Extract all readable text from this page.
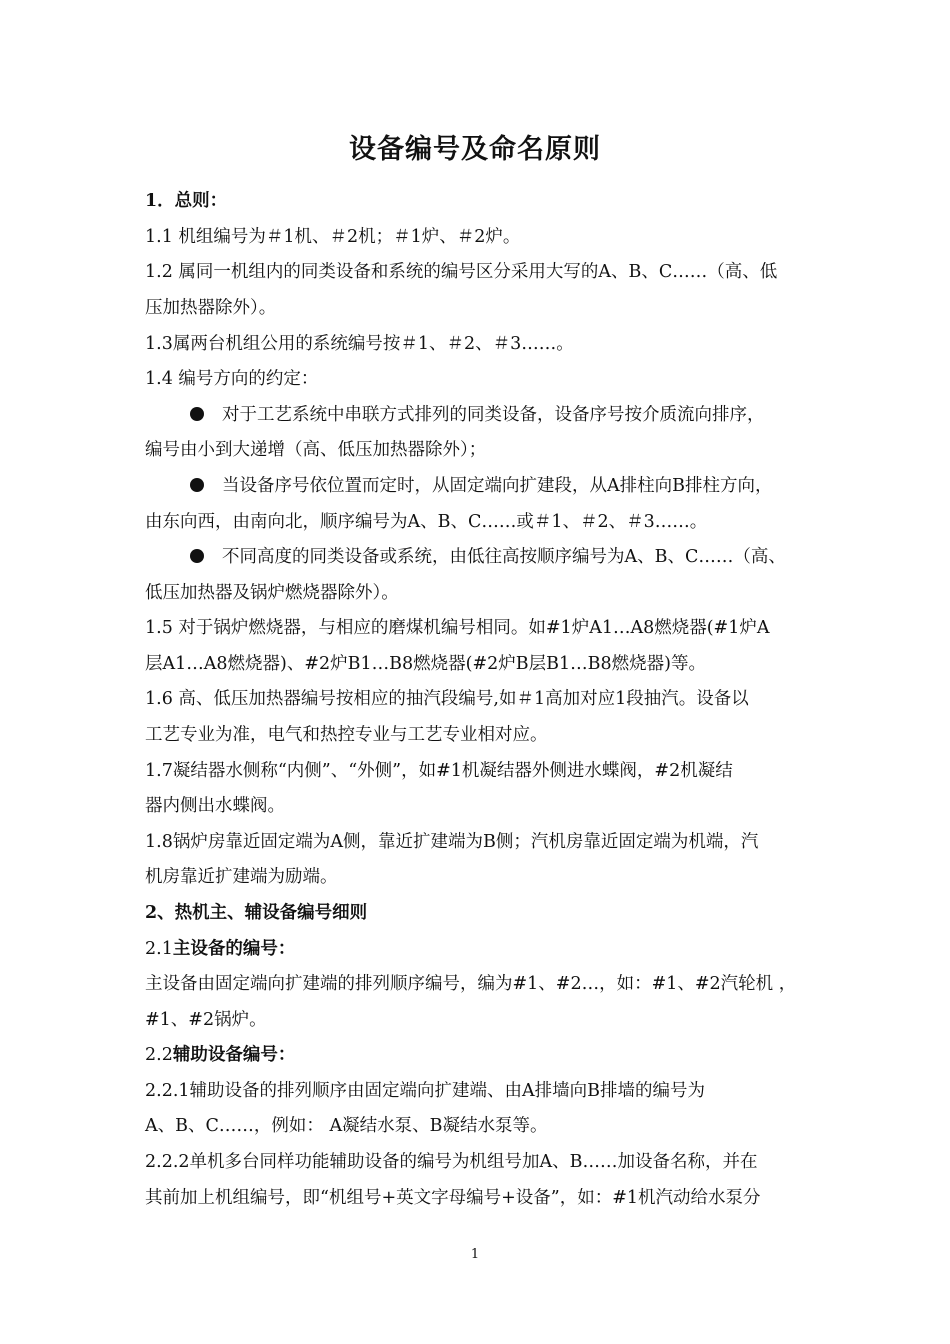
设备编号及命名原则
1．总则：
1.1 机组编号为＃1机、＃2机；＃1炉、＃2炉。
1.2 属同一机组内的同类设备和系统的编号区分采用大写的A、B、C……（高、低
压加热器除外）。
1.3属两台机组公用的系统编号按＃1、＃2、＃3……。
1.4 编号方向的约定：
对于工艺系统中串联方式排列的同类设备，设备序号按介质流向排序，
编号由小到大递增（高、低压加热器除外）；
当设备序号依位置而定时，从固定端向扩建段，从A排柱向B排柱方向，
由东向西，由南向北，顺序编号为A、B、C……或＃1、＃2、＃3……。
不同高度的同类设备或系统，由低往高按顺序编号为A、B、C……（高、
低压加热器及锅炉燃烧器除外）。
1.5 对于锅炉燃烧器，与相应的磨煤机编号相同。如#1炉A1…A8燃烧器(#1炉A
层A1…A8燃烧器)、#2炉B1…B8燃烧器(#2炉B层B1…B8燃烧器)等。
1.6 高、低压加热器编号按相应的抽汽段编号,如＃1高加对应1段抽汽。设备以
工艺专业为准，电气和热控专业与工艺专业相对应。
1.7凝结器水侧称“内侧”、“外侧”，如#1机凝结器外侧进水蝶阀，#2机凝结
器内侧出水蝶阀。
1.8锅炉房靠近固定端为A侧，靠近扩建端为B侧；汽机房靠近固定端为机端，汽
机房靠近扩建端为励端。
2、热机主、辅设备编号细则
2.1主设备的编号：
主设备由固定端向扩建端的排列顺序编号，编为#1、#2…，如：#1、#2汽轮机 ，
#1、#2锅炉。
2.2辅助设备编号：
2.2.1辅助设备的排列顺序由固定端向扩建端、由A排墙向B排墙的编号为
A、B、C……，例如： A凝结水泵、B凝结水泵等。
2.2.2单机多台同样功能辅助设备的编号为机组号加A、B……加设备名称，并在
其前加上机组编号，即“机组号+英文字母编号+设备”，如：#1机汽动给水泵分
1
